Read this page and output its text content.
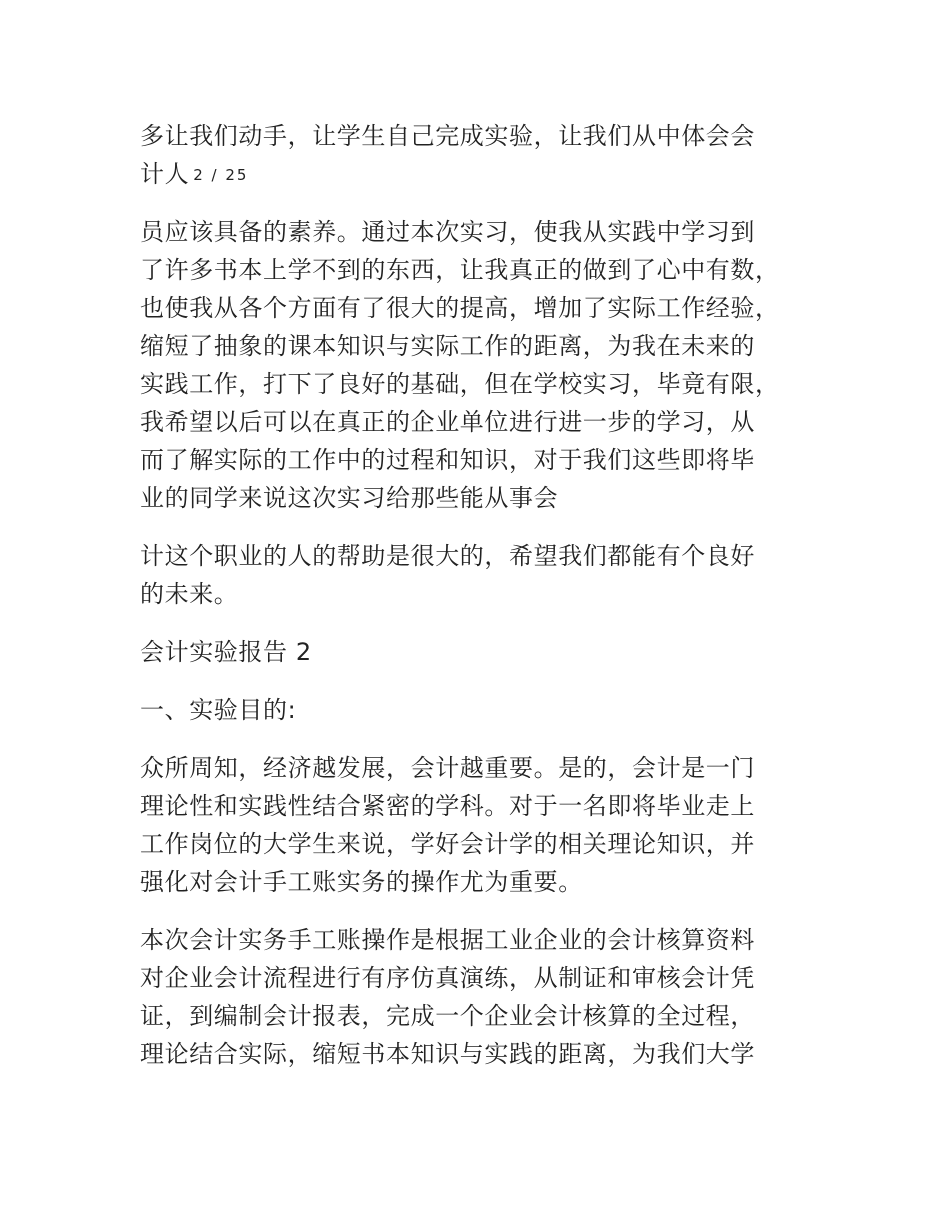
多让我们动手，让学生自己完成实验，让我们从中体会会
计人 2 / 25
员应该具备的素养。通过本次实习，使我从实践中学习到
了许多书本上学不到的东西，让我真正的做到了心中有数，
也使我从各个方面有了很大的提高，增加了实际工作经验，
缩短了抽象的课本知识与实际工作的距离，为我在未来的
实践工作，打下了良好的基础，但在学校实习，毕竟有限，
我希望以后可以在真正的企业单位进行进一步的学习，从
而了解实际的工作中的过程和知识，对于我们这些即将毕
业的同学来说这次实习给那些能从事会
计这个职业的人的帮助是很大的，希望我们都能有个良好
的未来。
会计实验报告 2
一、实验目的:
众所周知，经济越发展，会计越重要。是的，会计是一门
理论性和实践性结合紧密的学科。对于一名即将毕业走上
工作岗位的大学生来说，学好会计学的相关理论知识，并
强化对会计手工账实务的操作尤为重要。
本次会计实务手工账操作是根据工业企业的会计核算资料
对企业会计流程进行有序仿真演练，从制证和审核会计凭
证，到编制会计报表，完成一个企业会计核算的全过程，
理论结合实际，缩短书本知识与实践的距离，为我们大学
